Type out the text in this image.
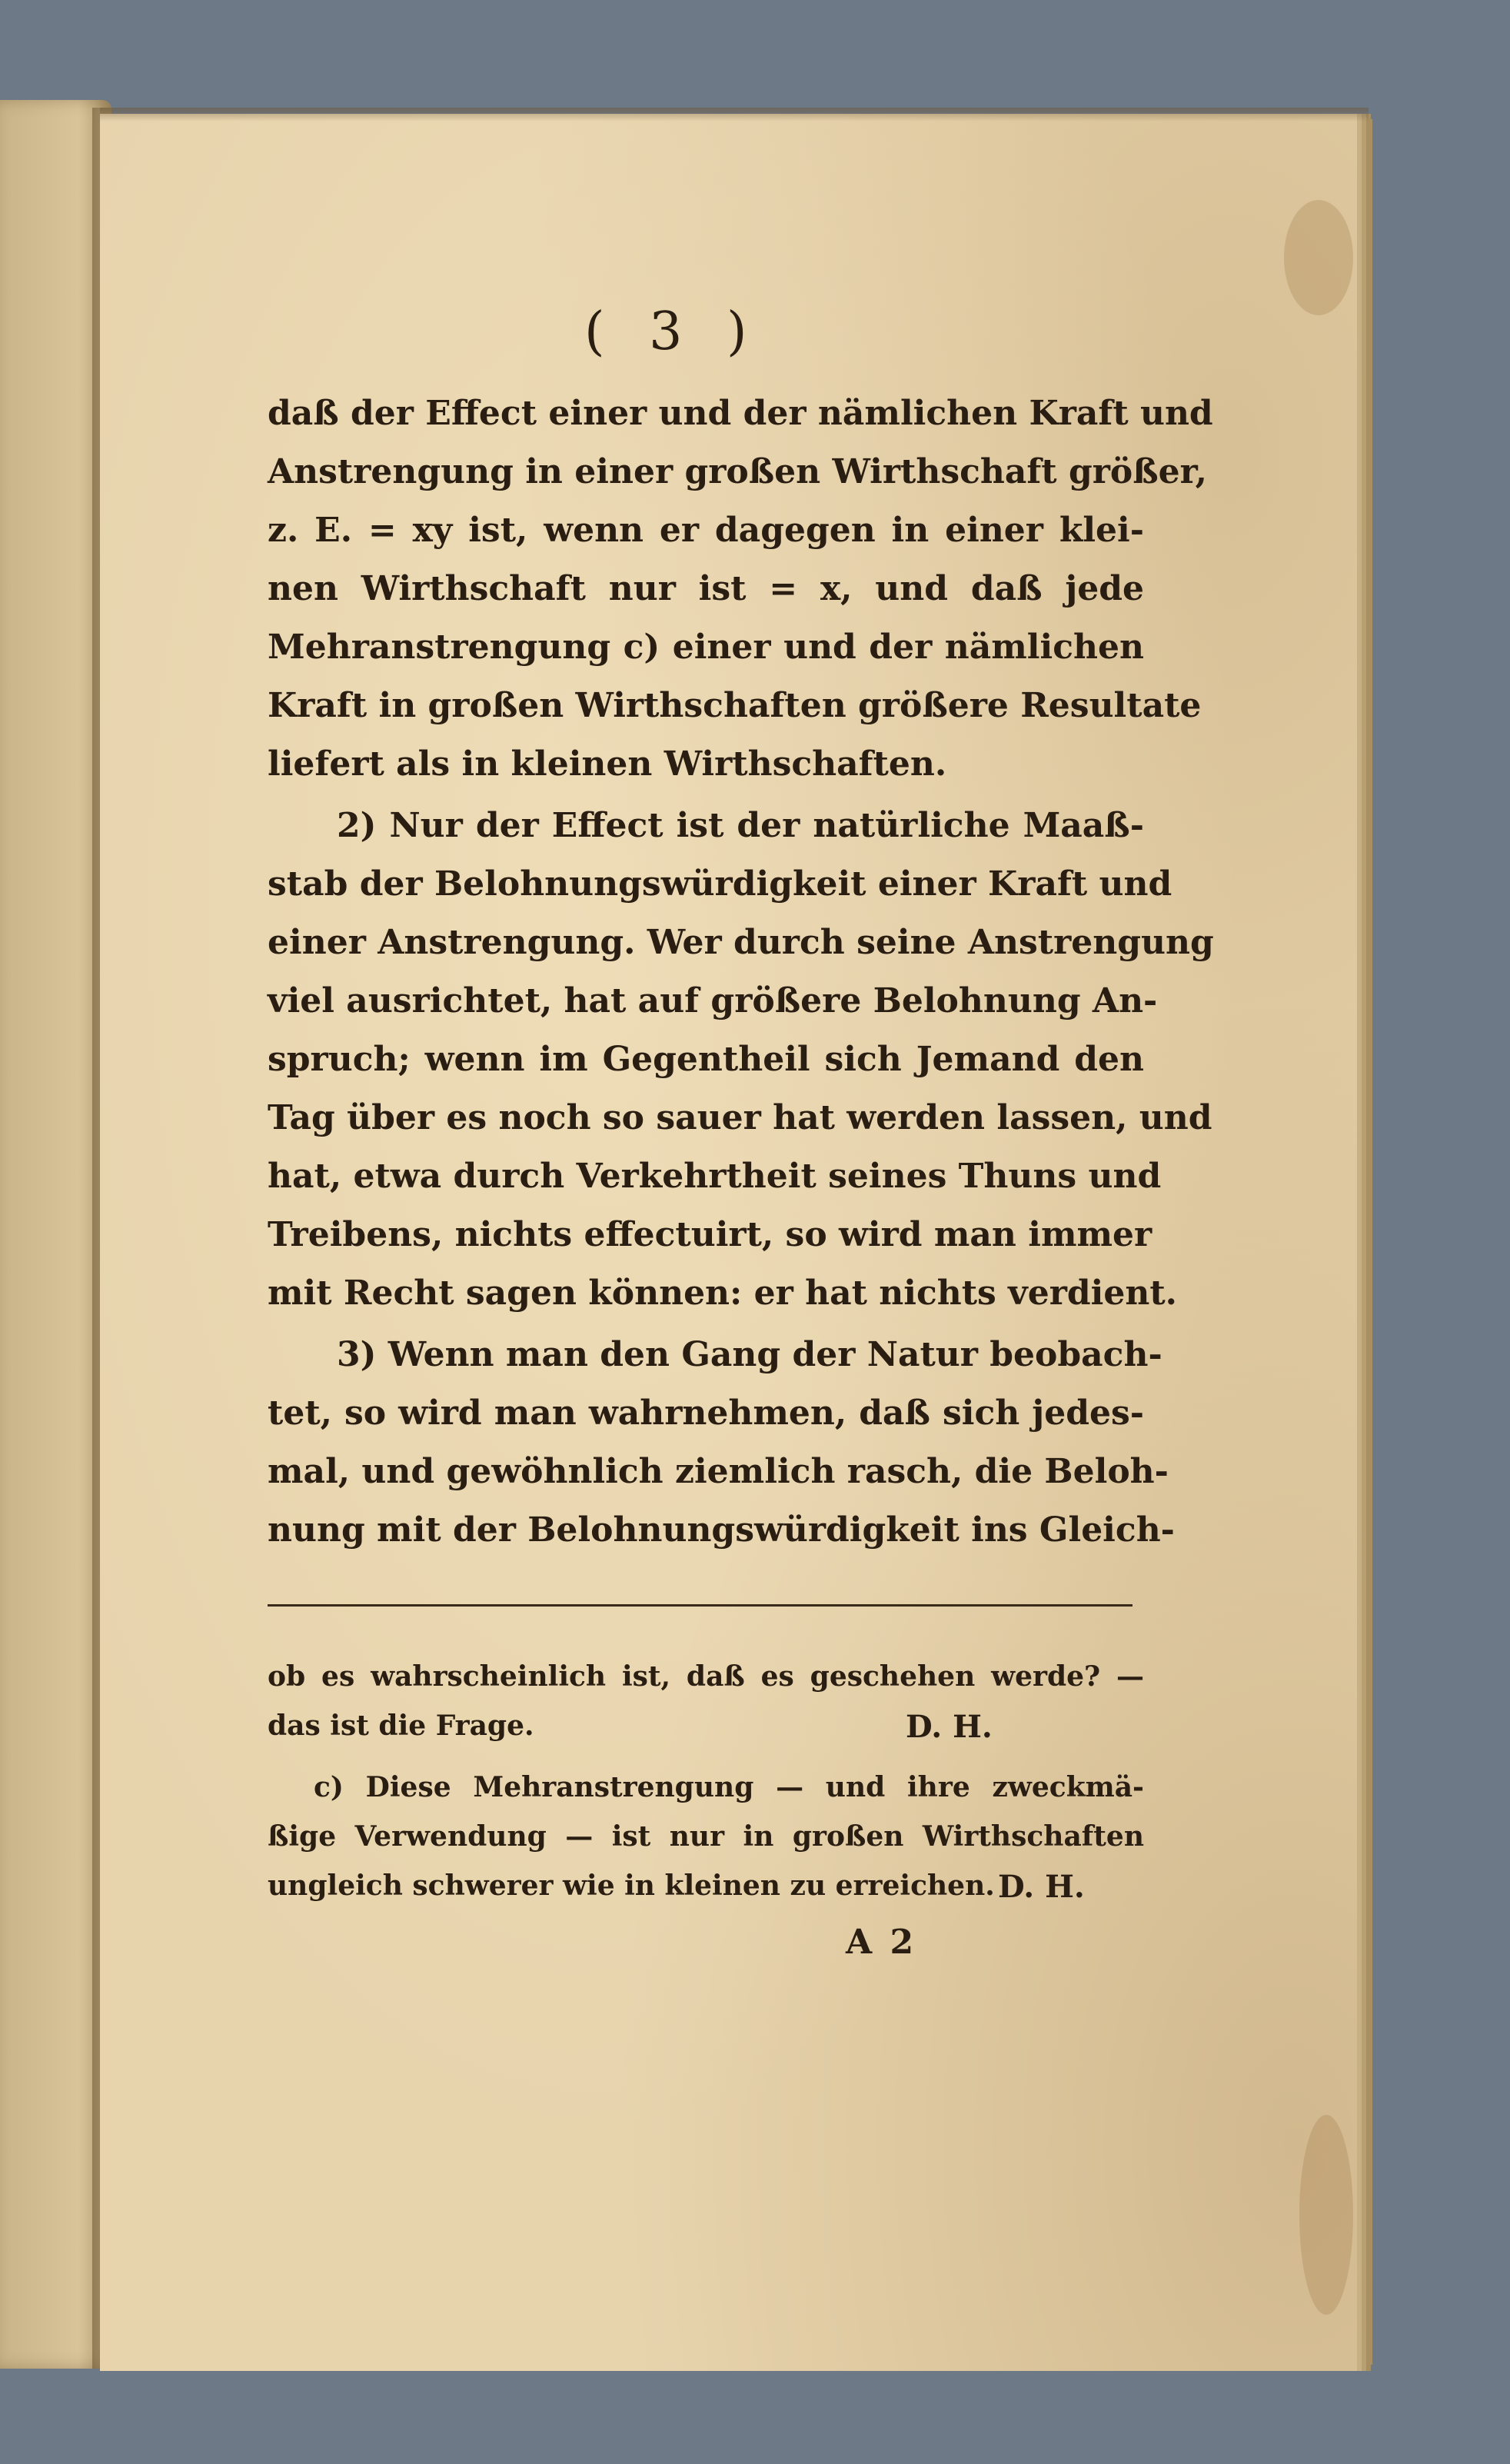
( 3 )
daß der Effect einer und der nämlichen Kraft und
Anstrengung in einer großen Wirthschaft größer,
z. E. = xy ist, wenn er dagegen in einer klei-
nen Wirthschaft nur ist = x, und daß jede
Mehranstrengung c) einer und der nämlichen
Kraft in großen Wirthschaften größere Resultate
liefert als in kleinen Wirthschaften.
2) Nur der Effect ist der natürliche Maaß-
stab der Belohnungswürdigkeit einer Kraft und
einer Anstrengung. Wer durch seine Anstrengung
viel ausrichtet, hat auf größere Belohnung An-
spruch; wenn im Gegentheil sich Jemand den
Tag über es noch so sauer hat werden lassen, und
hat, etwa durch Verkehrtheit seines Thuns und
Treibens, nichts effectuirt, so wird man immer
mit Recht sagen können: er hat nichts verdient.
3) Wenn man den Gang der Natur beobach-
tet, so wird man wahrnehmen, daß sich jedes-
mal, und gewöhnlich ziemlich rasch, die Beloh-
nung mit der Belohnungswürdigkeit ins Gleich-
ob es wahrscheinlich ist, daß es geschehen werde? —
das ist die Frage.	D. H.
c) Diese Mehranstrengung — und ihre zweckmä-
ßige Verwendung — ist nur in großen Wirthschaften
ungleich schwerer wie in kleinen zu erreichen. D. H.
A 2
